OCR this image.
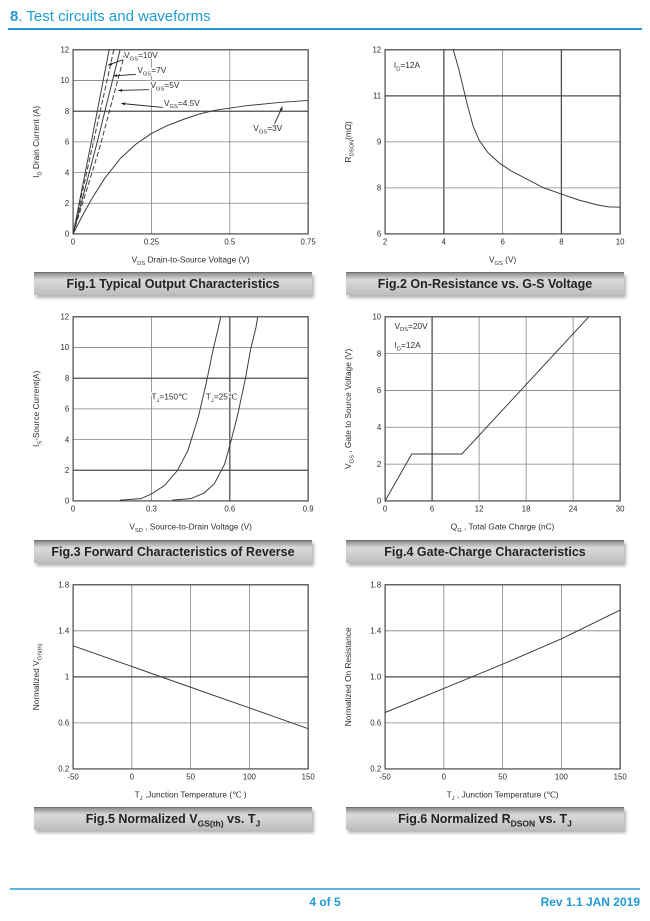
8. Test circuits and waveforms
0	0.25	0.5	0.75
0
2
4
6
8
10
12
$V_{GS}=10V$
$V_{GS}=7V$
$V_{GS}=5V$
$V_{GS}=4.5V$
$V_{GS}=3V$
$V_{DS}$ Drain-to-Source Voltage (V)
$I_D$ Drain Current (A)
Fig.1 Typical Output Characteristics
2	4	6	8	10
6
8
9
11
12
$I_D=12A$
$V_{GS}$ (V)
$R_{DSON}(m\Omega)$
Fig.2 On-Resistance vs. G-S Voltage
0	0.3	0.6	0.9
0
2
4
6
8
10
12
$T_J=150℃$ $T_J=25℃$
$V_{SD}$ , Source-to-Drain Voltage (V)
$I_S$-Source Current(A)
Fig.3 Forward Characteristics of Reverse
0	6	12	18	24	30
0
2
4
6
8
10
$V_{DS}=20V$
$I_D=12A$
$Q_G$ , Total Gate Charge (nC)
$V_{GS}$ , Gate to Source Voltage (V)
Fig.4 Gate-Charge Characteristics
-50	0	50	100	150
0.2
0.6
1
1.4
1.8
$T_J$ ,Junction Temperature (℃ )
Normalized $V_{GS(th)}$
Fig.5 Normalized $V_{GS(th)}$ vs. $T_J$
-50	0	50	100	150
0.2
0.6
1.0
1.4
1.8
$T_J$ , Junction Temperature (℃)
Normalized On Resistance
Fig.6 Normalized $R_{DSON}$ vs. $T_J$
4 of 5	Rev 1.1 JAN 2019
